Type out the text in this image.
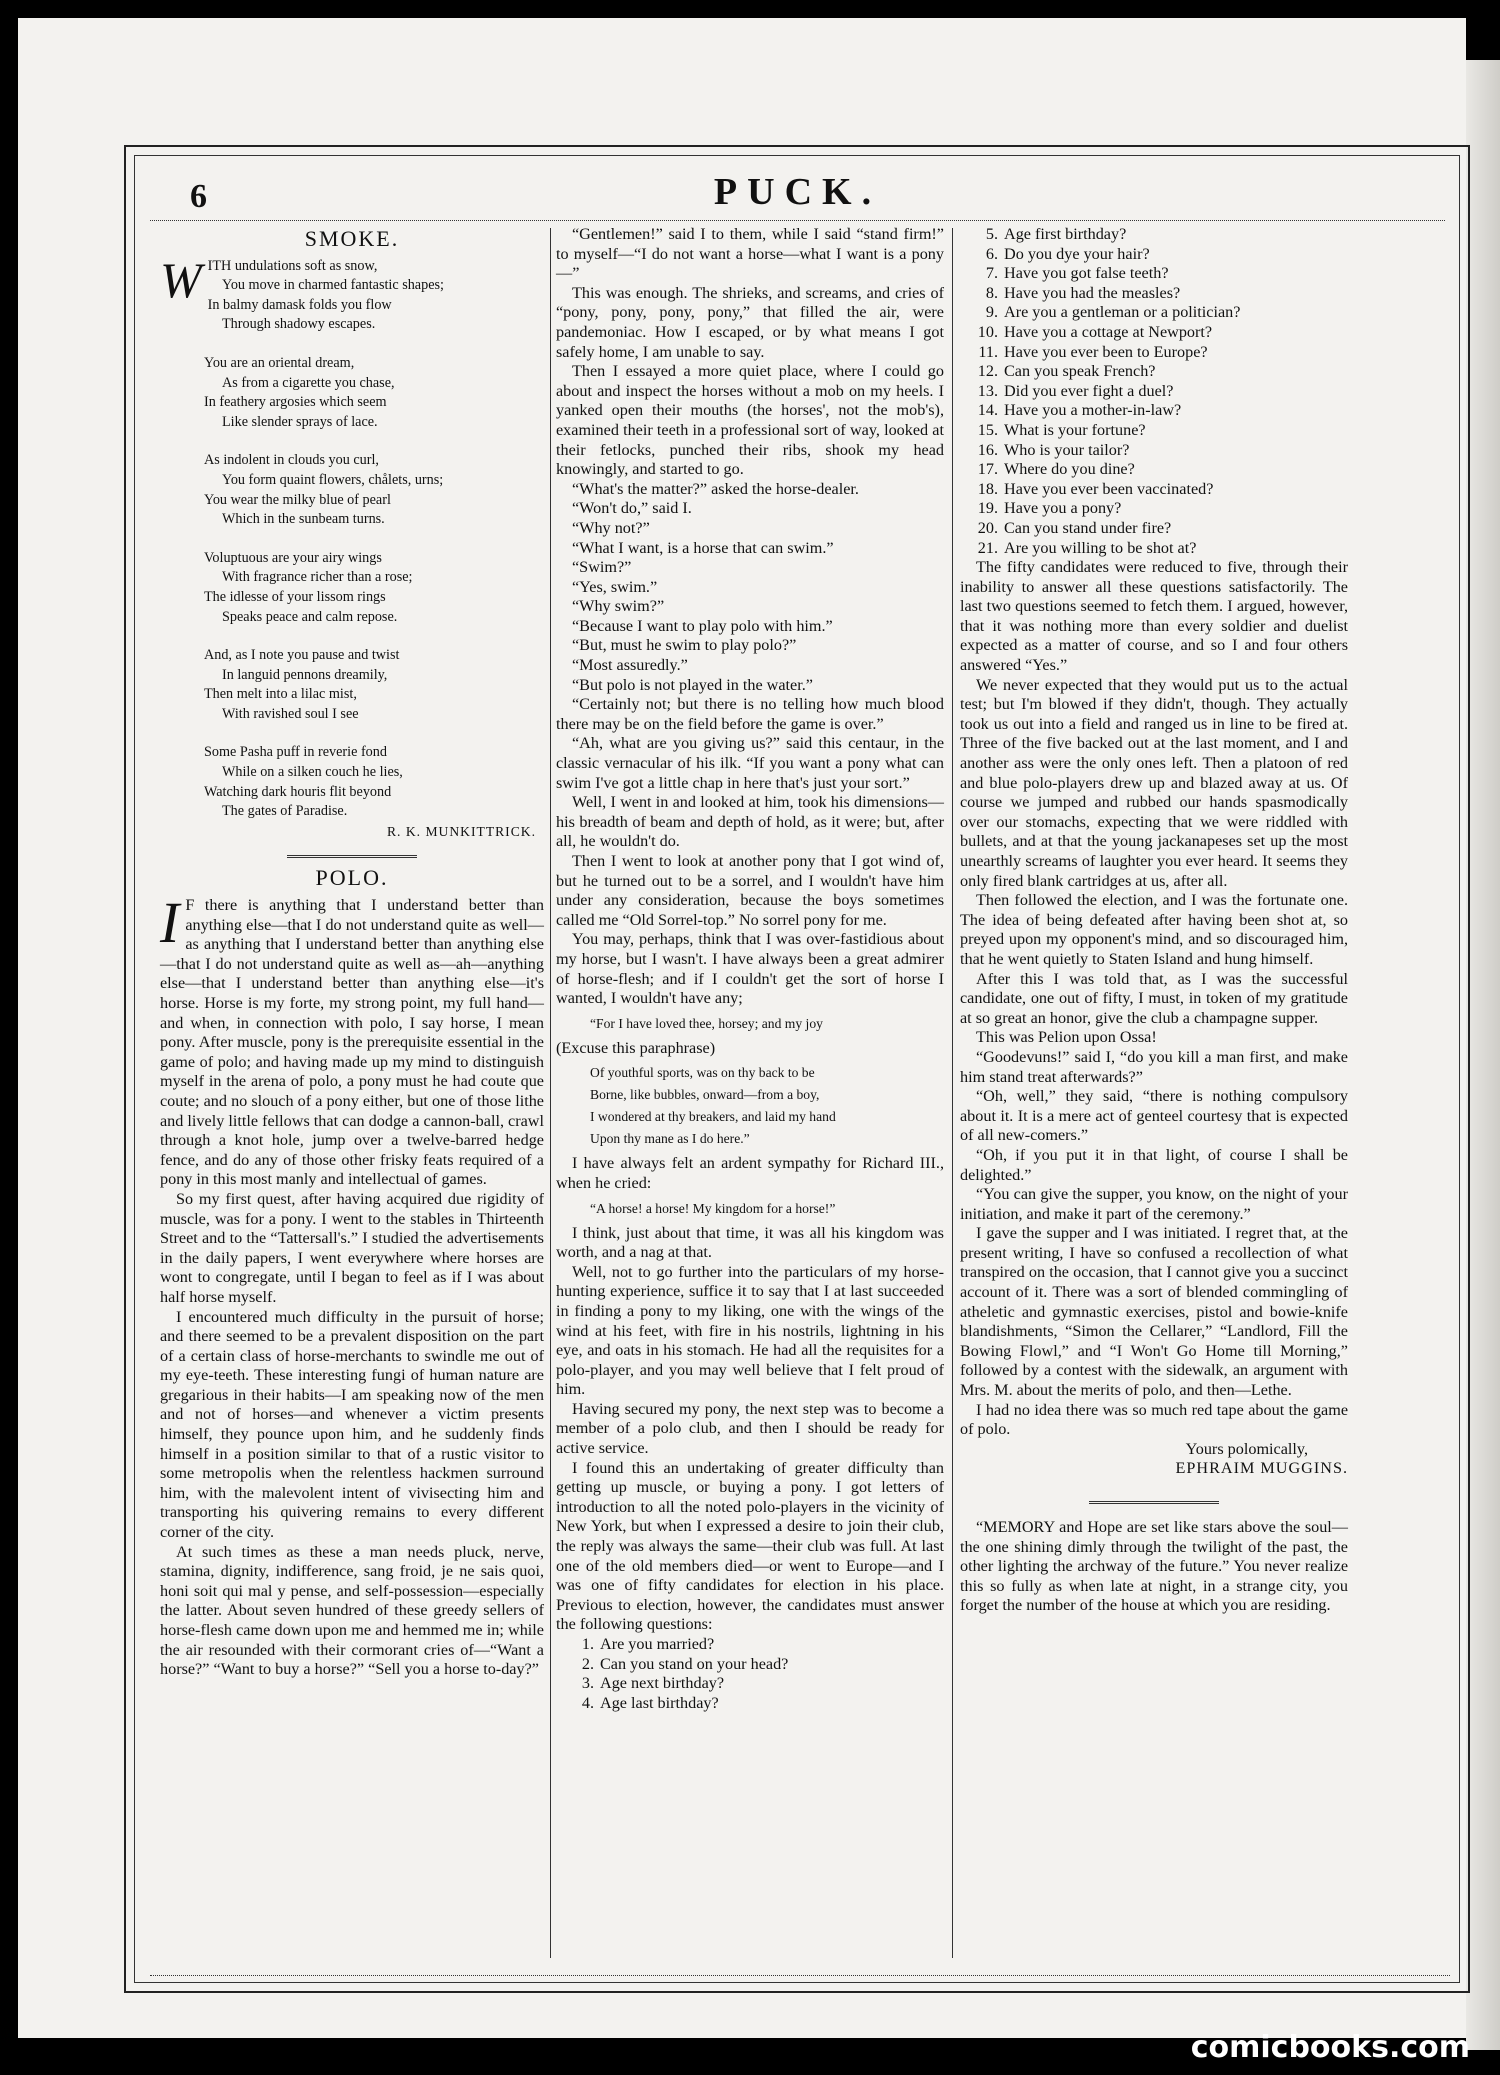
6	PUCK.
SMOKE.
W ITH undulations soft as snow,
You move in charmed fantastic shapes;
In balmy damask folds you flow
Through shadowy escapes.
You are an oriental dream,
As from a cigarette you chase,
In feathery argosies which seem
Like slender sprays of lace.
As indolent in clouds you curl,
You form quaint flowers, chålets, urns;
You wear the milky blue of pearl
Which in the sunbeam turns.
Voluptuous are your airy wings
With fragrance richer than a rose;
The idlesse of your lissom rings
Speaks peace and calm repose.
And, as I note you pause and twist
In languid pennons dreamily,
Then melt into a lilac mist,
With ravished soul I see
Some Pasha puff in reverie fond
While on a silken couch he lies,
Watching dark houris flit beyond
The gates of Paradise.
R. K. MUNKITTRICK.
POLO.
I F there is anything that I understand better than anything else—that I do not understand quite as well—as anything that I understand better than anything else—that I do not understand quite as well as—ah—anything else—that I understand better than anything else—it's horse. Horse is my forte, my strong point, my full hand—and when, in connection with polo, I say horse, I mean pony. After muscle, pony is the prerequisite essential in the game of polo; and having made up my mind to distinguish myself in the arena of polo, a pony must he had coute que coute; and no slouch of a pony either, but one of those lithe and lively little fellows that can dodge a cannon-ball, crawl through a knot hole, jump over a twelve-barred hedge fence, and do any of those other frisky feats required of a pony in this most manly and intellectual of games.

So my first quest, after having acquired due rigidity of muscle, was for a pony. I went to the stables in Thirteenth Street and to the “Tattersall's.” I studied the advertisements in the daily papers, I went everywhere where horses are wont to congregate, until I began to feel as if I was about half horse myself.

I encountered much difficulty in the pursuit of horse; and there seemed to be a prevalent disposition on the part of a certain class of horse-merchants to swindle me out of my eye-teeth. These interesting fungi of human nature are gregarious in their habits—I am speaking now of the men and not of horses—and whenever a victim presents himself, they pounce upon him, and he suddenly finds himself in a position similar to that of a rustic visitor to some metropolis when the relentless hackmen surround him, with the malevolent intent of vivisecting him and transporting his quivering remains to every different corner of the city.

At such times as these a man needs pluck, nerve, stamina, dignity, indifference, sang froid, je ne sais quoi, honi soit qui mal y pense, and self-possession—especially the latter. About seven hundred of these greedy sellers of horse-flesh came down upon me and hemmed me in; while the air resounded with their cormorant cries of—“Want a horse?” “Want to buy a horse?” “Sell you a horse to-day?”

“Gentlemen!” said I to them, while I said “stand firm!” to myself—“I do not want a horse—what I want is a pony—”

This was enough. The shrieks, and screams, and cries of “pony, pony, pony, pony,” that filled the air, were pandemoniac. How I escaped, or by what means I got safely home, I am unable to say.

Then I essayed a more quiet place, where I could go about and inspect the horses without a mob on my heels. I yanked open their mouths (the horses', not the mob's), examined their teeth in a professional sort of way, looked at their fetlocks, punched their ribs, shook my head knowingly, and started to go.

“What's the matter?” asked the horse-dealer.

“Won't do,” said I.

“Why not?”

“What I want, is a horse that can swim.”

“Swim?”

“Yes, swim.”

“Why swim?”

“Because I want to play polo with him.”

“But, must he swim to play polo?”

“Most assuredly.”

“But polo is not played in the water.”

“Certainly not; but there is no telling how much blood there may be on the field before the game is over.”

“Ah, what are you giving us?” said this centaur, in the classic vernacular of his ilk. “If you want a pony what can swim I've got a little chap in here that's just your sort.”

Well, I went in and looked at him, took his dimensions—his breadth of beam and depth of hold, as it were; but, after all, he wouldn't do.

Then I went to look at another pony that I got wind of, but he turned out to be a sorrel, and I wouldn't have him under any consideration, because the boys sometimes called me “Old Sorrel-top.” No sorrel pony for me.

You may, perhaps, think that I was over-fastidious about my horse, but I wasn't. I have always been a great admirer of horse-flesh; and if I couldn't get the sort of horse I wanted, I wouldn't have any;

“For I have loved thee, horsey; and my joy

(Excuse this paraphrase)

Of youthful sports, was on thy back to be
Borne, like bubbles, onward—from a boy,
I wondered at thy breakers, and laid my hand
Upon thy mane as I do here.”

I have always felt an ardent sympathy for Richard III., when he cried:

“A horse! a horse! My kingdom for a horse!”

I think, just about that time, it was all his kingdom was worth, and a nag at that.

Well, not to go further into the particulars of my horse-hunting experience, suffice it to say that I at last succeeded in finding a pony to my liking, one with the wings of the wind at his feet, with fire in his nostrils, lightning in his eye, and oats in his stomach. He had all the requisites for a polo-player, and you may well believe that I felt proud of him.

Having secured my pony, the next step was to become a member of a polo club, and then I should be ready for active service.

I found this an undertaking of greater difficulty than getting up muscle, or buying a pony. I got letters of introduction to all the noted polo-players in the vicinity of New York, but when I expressed a desire to join their club, the reply was always the same—their club was full. At last one of the old members died—or went to Europe—and I was one of fifty candidates for election in his place. Previous to election, however, the candidates must answer the following questions:

1. Are you married?
2. Can you stand on your head?
3. Age next birthday?
4. Age last birthday?
5. Age first birthday?
6. Do you dye your hair?
7. Have you got false teeth?
8. Have you had the measles?
9. Are you a gentleman or a politician?
10. Have you a cottage at Newport?
11. Have you ever been to Europe?
12. Can you speak French?
13. Did you ever fight a duel?
14. Have you a mother-in-law?
15. What is your fortune?
16. Who is your tailor?
17. Where do you dine?
18. Have you ever been vaccinated?
19. Have you a pony?
20. Can you stand under fire?
21. Are you willing to be shot at?

The fifty candidates were reduced to five, through their inability to answer all these questions satisfactorily. The last two questions seemed to fetch them. I argued, however, that it was nothing more than every soldier and duelist expected as a matter of course, and so I and four others answered “Yes.”

We never expected that they would put us to the actual test; but I'm blowed if they didn't, though. They actually took us out into a field and ranged us in line to be fired at. Three of the five backed out at the last moment, and I and another ass were the only ones left. Then a platoon of red and blue polo-players drew up and blazed away at us. Of course we jumped and rubbed our hands spasmodically over our stomachs, expecting that we were riddled with bullets, and at that the young jackanapeses set up the most unearthly screams of laughter you ever heard. It seems they only fired blank cartridges at us, after all.

Then followed the election, and I was the fortunate one. The idea of being defeated after having been shot at, so preyed upon my opponent's mind, and so discouraged him, that he went quietly to Staten Island and hung himself.

After this I was told that, as I was the successful candidate, one out of fifty, I must, in token of my gratitude at so great an honor, give the club a champagne supper.

This was Pelion upon Ossa!

“Goodevuns!” said I, “do you kill a man first, and make him stand treat afterwards?”

“Oh, well,” they said, “there is nothing compulsory about it. It is a mere act of genteel courtesy that is expected of all new-comers.”

“Oh, if you put it in that light, of course I shall be delighted.”

“You can give the supper, you know, on the night of your initiation, and make it part of the ceremony.”

I gave the supper and I was initiated. I regret that, at the present writing, I have so confused a recollection of what transpired on the occasion, that I cannot give you a succinct account of it. There was a sort of blended commingling of atheletic and gymnastic exercises, pistol and bowie-knife blandishments, “Simon the Cellarer,” “Landlord, Fill the Bowing Flowl,” and “I Won't Go Home till Morning,” followed by a contest with the sidewalk, an argument with Mrs. M. about the merits of polo, and then—Lethe.

I had no idea there was so much red tape about the game of polo.

Yours polomically,
EPHRAIM MUGGINS.

“MEMORY and Hope are set like stars above the soul—the one shining dimly through the twilight of the past, the other lighting the archway of the future.” You never realize this so fully as when late at night, in a strange city, you forget the number of the house at which you are residing.

comicbooks.com
